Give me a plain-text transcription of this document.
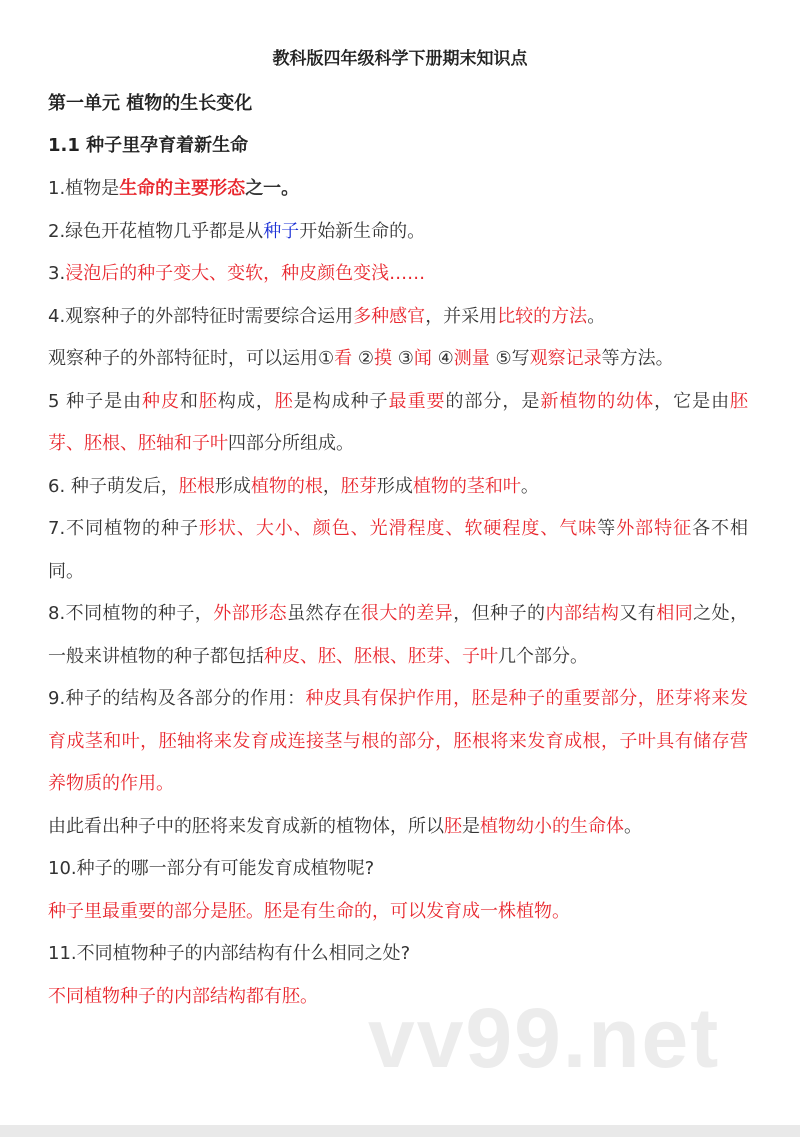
教科版四年级科学下册期末知识点
第一单元 植物的生长变化
1.1 种子里孕育着新生命
vv99.net

1.植物是生命的主要形态之一。

2.绿色开花植物几乎都是从种子开始新生命的。

3.浸泡后的种子变大、变软，种皮颜色变浅……

4.观察种子的外部特征时需要综合运用多种感官，并采用比较的方法。

观察种子的外部特征时，可以运用①看 ②摸 ③闻 ④测量 ⑤写观察记录等方法。

5 种子是由种皮和胚构成，胚是构成种子最重要的部分，是新植物的幼体，它是由胚芽、胚根、胚轴和子叶四部分所组成。

6. 种子萌发后，胚根形成植物的根，胚芽形成植物的茎和叶。

7.不同植物的种子形状、大小、颜色、光滑程度、软硬程度、气味等外部特征各不相同。

8.不同植物的种子，外部形态虽然存在很大的差异，但种子的内部结构又有相同之处，一般来讲植物的种子都包括种皮、胚、胚根、胚芽、子叶几个部分。

9.种子的结构及各部分的作用：种皮具有保护作用，胚是种子的重要部分，胚芽将来发育成茎和叶，胚轴将来发育成连接茎与根的部分，胚根将来发育成根，子叶具有储存营养物质的作用。

由此看出种子中的胚将来发育成新的植物体，所以胚是植物幼小的生命体。

10.种子的哪一部分有可能发育成植物呢?

种子里最重要的部分是胚。胚是有生命的，可以发育成一株植物。

11.不同植物种子的内部结构有什么相同之处?

不同植物种子的内部结构都有胚。
